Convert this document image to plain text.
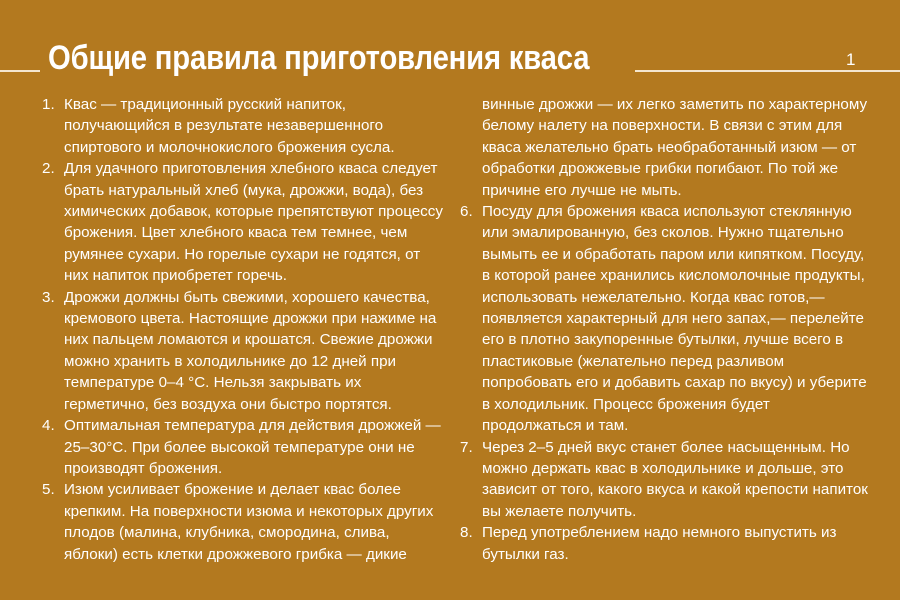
Общие правила приготовления кваса	1
1. Квас — традиционный русский напиток, получающийся в результате незавершенного спиртового и молочнокислого брожения сусла.
2. Для удачного приготовления хлебного кваса следует брать натуральный хлеб (мука, дрожжи, вода), без химических добавок, которые препятствуют процессу брожения. Цвет хлебного кваса тем темнее, чем румянее сухари. Но горелые сухари не годятся, от них напиток приобретет горечь.
3. Дрожжи должны быть свежими, хорошего качества, кремового цвета. Настоящие дрожжи при нажиме на них пальцем ломаются и крошатся. Свежие дрожжи можно хранить в холодильнике до 12 дней при температуре 0–4 °C. Нельзя закрывать их герметично, без воздуха они быстро портятся.
4. Оптимальная температура для действия дрожжей — 25–30°C. При более высокой температуре они не производят брожения.
5. Изюм усиливает брожение и делает квас более крепким. На поверхности изюма и некоторых других плодов (малина, клубника, смородина, слива, яблоки) есть клетки дрожжевого грибка — дикие
винные дрожжи — их легко заметить по характерному белому налету на поверхности. В связи с этим для кваса желательно брать необработанный изюм — от обработки дрожжевые грибки погибают. По той же причине его лучше не мыть.
6. Посуду для брожения кваса используют стеклянную или эмалированную, без сколов. Нужно тщательно вымыть ее и обработать паром или кипятком. Посуду, в которой ранее хранились кисломолочные продукты, использовать нежелательно. Когда квас готов,— появляется характерный для него запах,— перелейте его в плотно закупоренные бутылки, лучше всего в пластиковые (желательно перед разливом попробовать его и добавить сахар по вкусу) и уберите в холодильник. Процесс брожения будет продолжаться и там.
7. Через 2–5 дней вкус станет более насыщенным. Но можно держать квас в холодильнике и дольше, это зависит от того, какого вкуса и какой крепости напиток вы желаете получить.
8. Перед употреблением надо немного выпустить из бутылки газ.
